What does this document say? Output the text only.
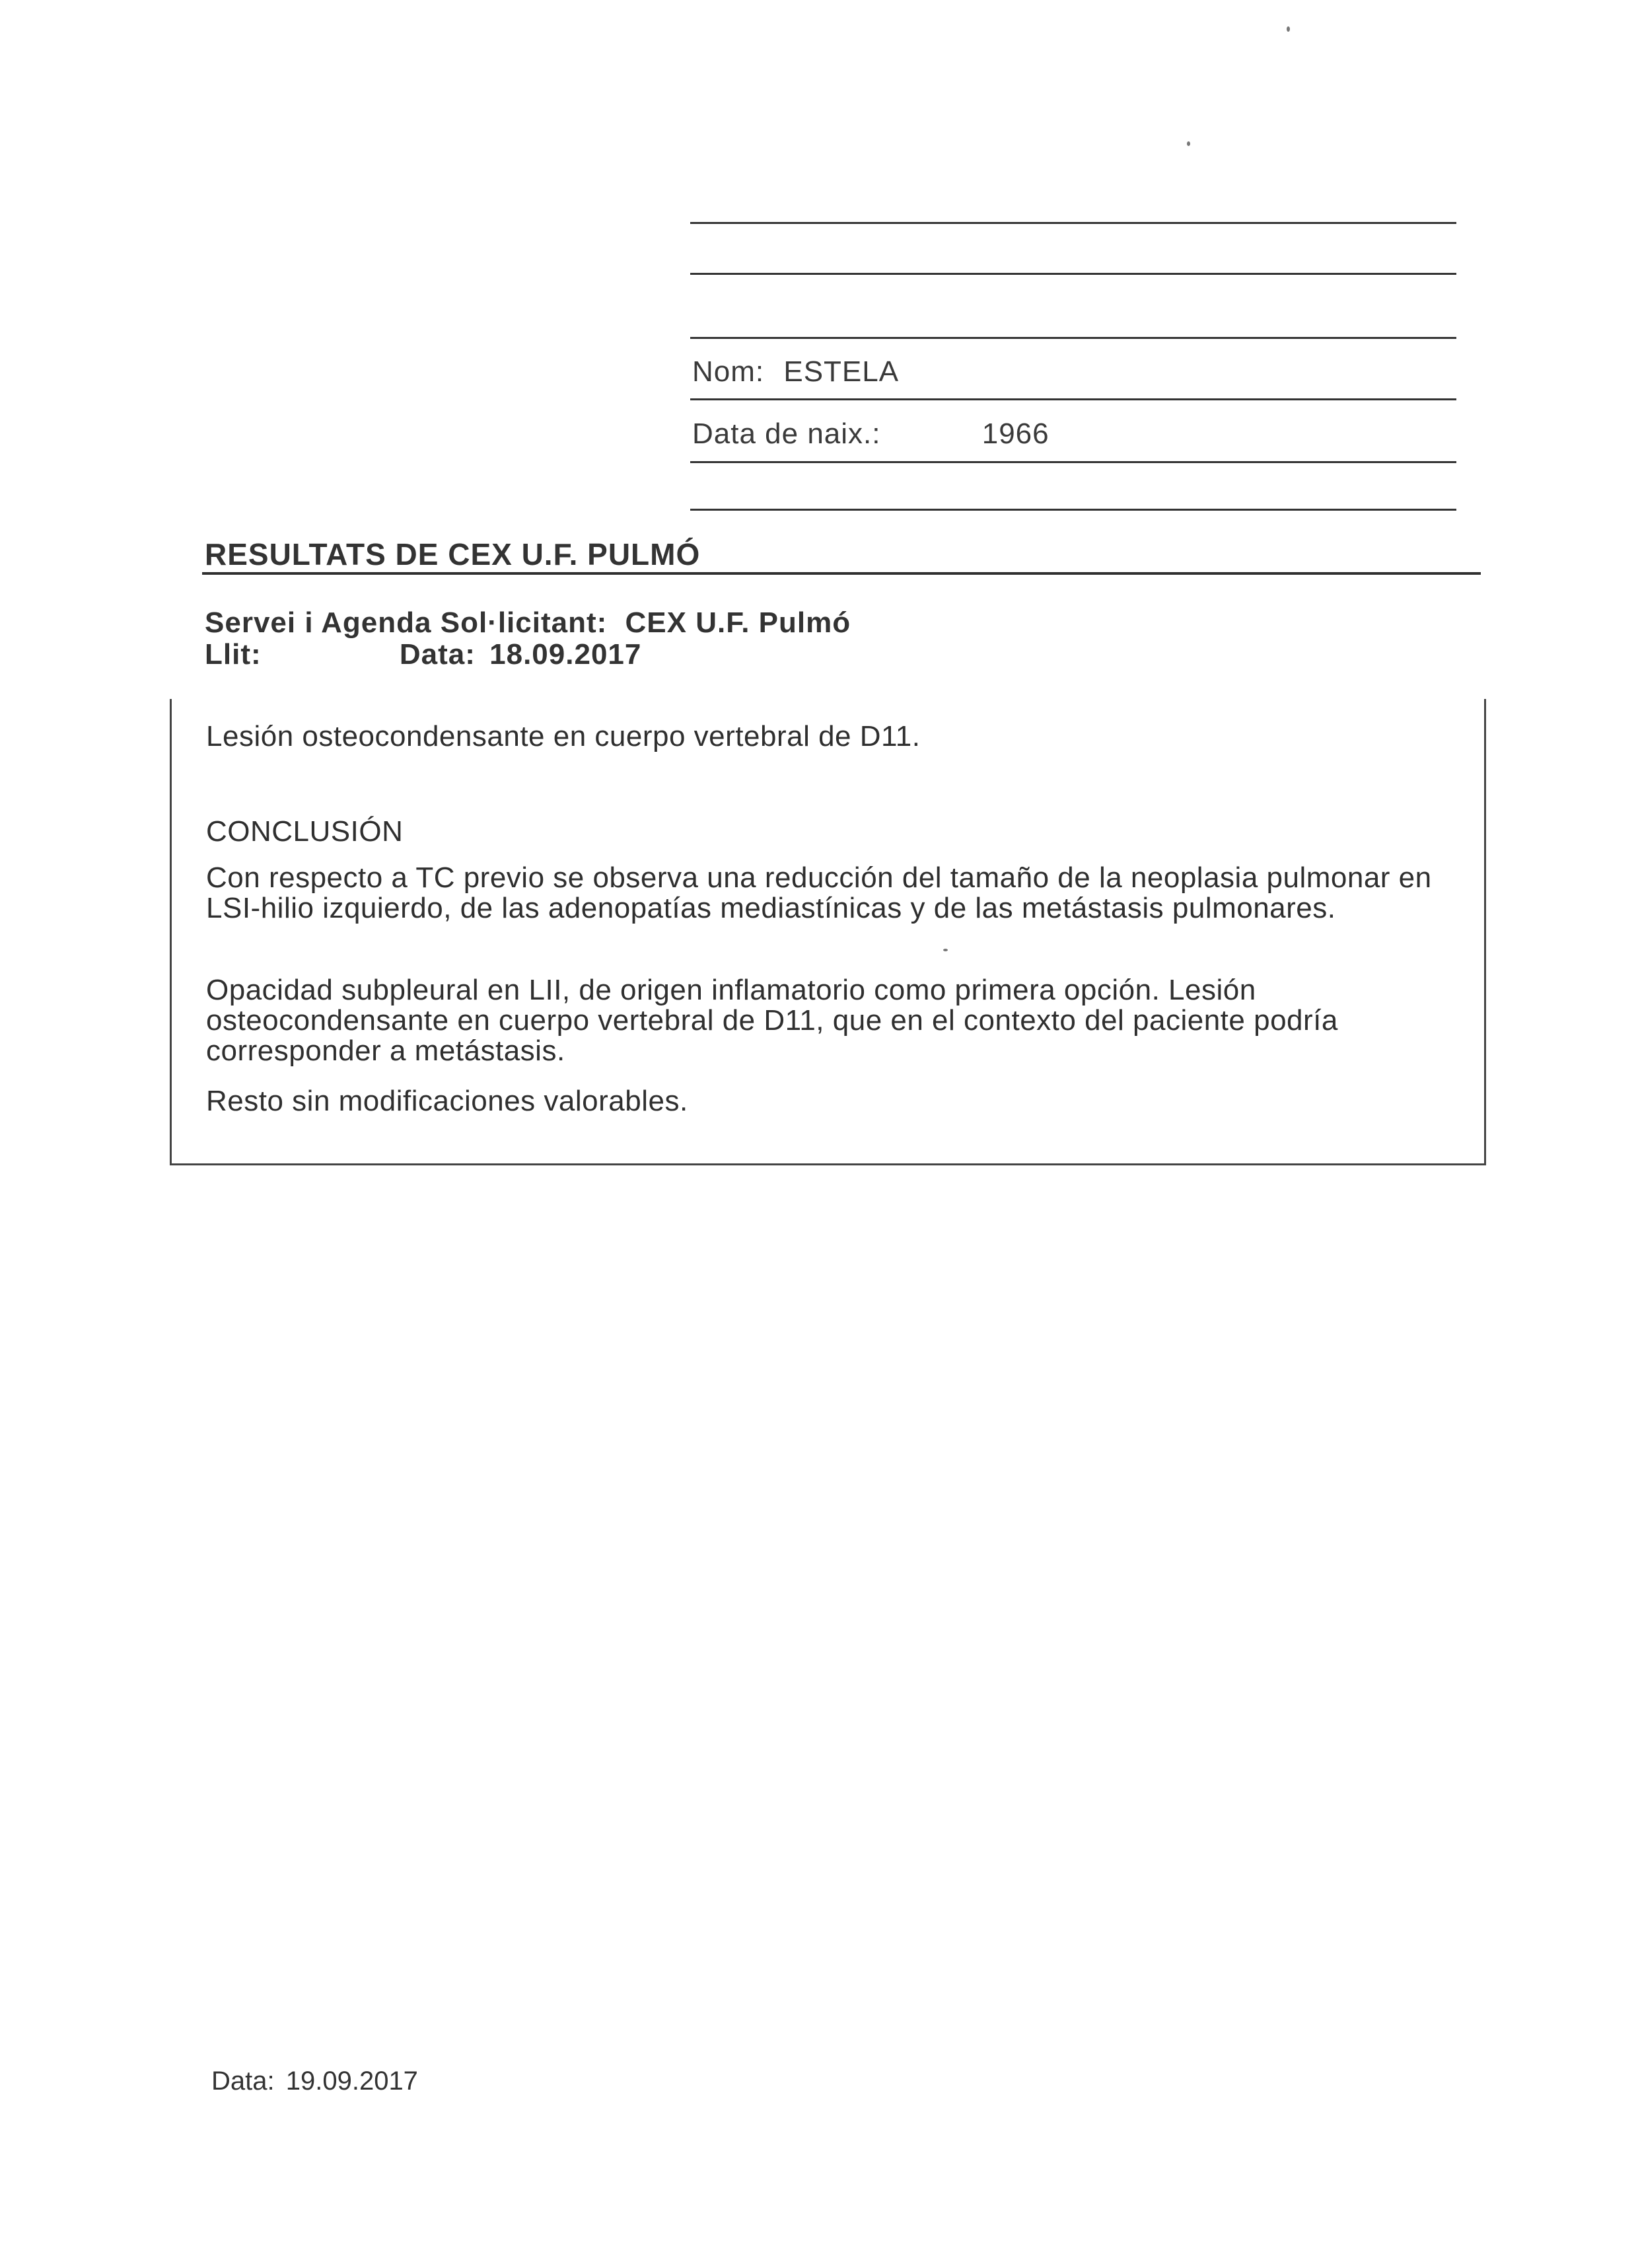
Nom: ESTELA
Data de naix.:	1966
RESULTATS DE CEX U.F. PULMÓ
Servei i Agenda Sol·licitant: CEX U.F. Pulmó
Llit:	Data: 18.09.2017
Lesión osteocondensante en cuerpo vertebral de D11.
CONCLUSIÓN
Con respecto a TC previo se observa una reducción del tamaño de la neoplasia pulmonar en LSI-hilio izquierdo, de las adenopatías mediastínicas y de las metástasis pulmonares.
Opacidad subpleural en LII, de origen inflamatorio como primera opción. Lesión osteocondensante en cuerpo vertebral de D11, que en el contexto del paciente podría corresponder a metástasis.
Resto sin modificaciones valorables.
Data: 19.09.2017
